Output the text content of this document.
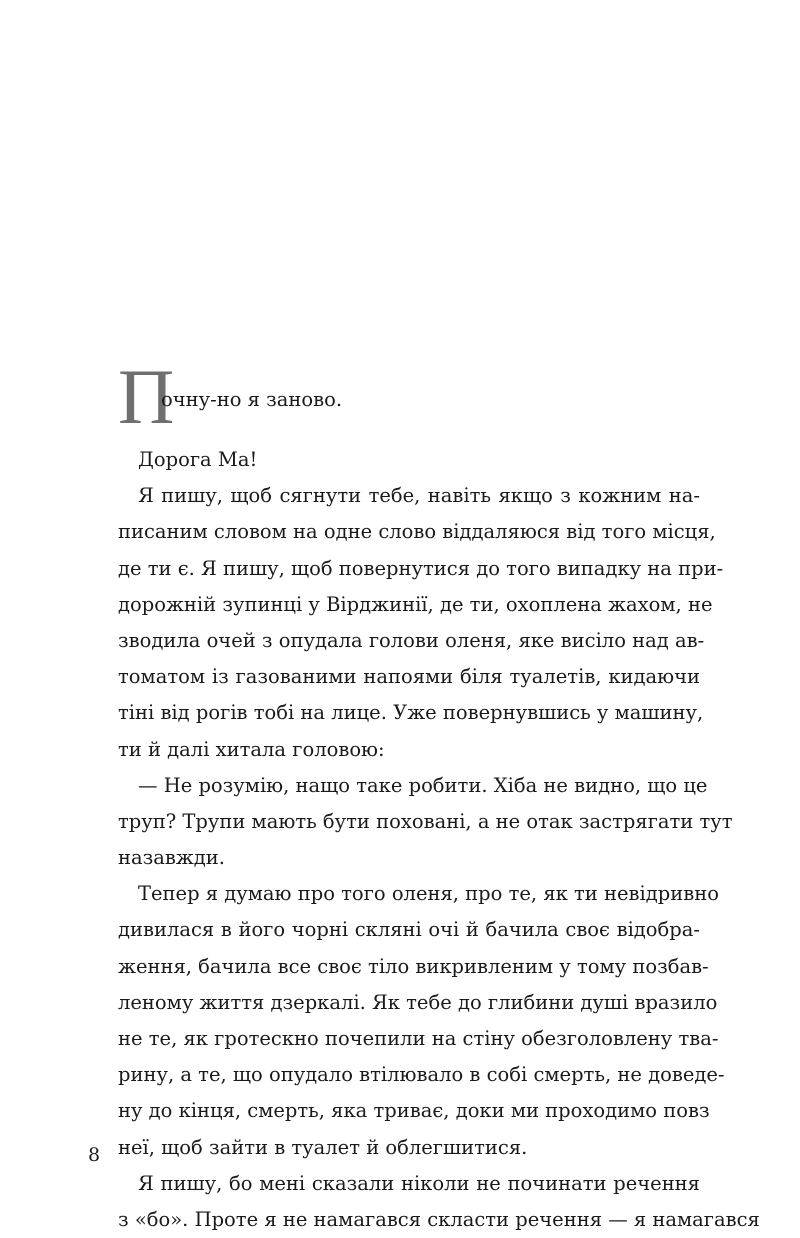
П
очну-но я заново.
Дорога Ма!
Я пишу, щоб сягнути тебе, навіть якщо з кожним на-
писаним словом на одне слово віддаляюся від того місця,
де ти є. Я пишу, щоб повернутися до того випадку на при-
дорожній зупинці у Вірджинії, де ти, охоплена жахом, не
зводила очей з опудала голови оленя, яке висіло над ав-
томатом із газованими напоями біля туалетів, кидаючи
тіні від рогів тобі на лице. Уже повернувшись у машину,
ти й далі хитала головою:
— Не розумію, нащо таке робити. Хіба не видно, що це
труп? Трупи мають бути поховані, а не отак застрягати тут
назавжди.
Тепер я думаю про того оленя, про те, як ти невідривно
дивилася в його чорні скляні очі й бачила своє відобра-
ження, бачила все своє тіло викривленим у тому позбав-
леному життя дзеркалі. Як тебе до глибини душі вразило
не те, як гротескно почепили на стіну обезголовлену тва-
рину, а те, що опудало втілювало в собі смерть, не доведе-
ну до кінця, смерть, яка триває, доки ми проходимо повз
неї, щоб зайти в туалет й облегшитися.
Я пишу, бо мені сказали ніколи не починати речення
з «бо». Проте я не намагався скласти речення — я намагався
8
